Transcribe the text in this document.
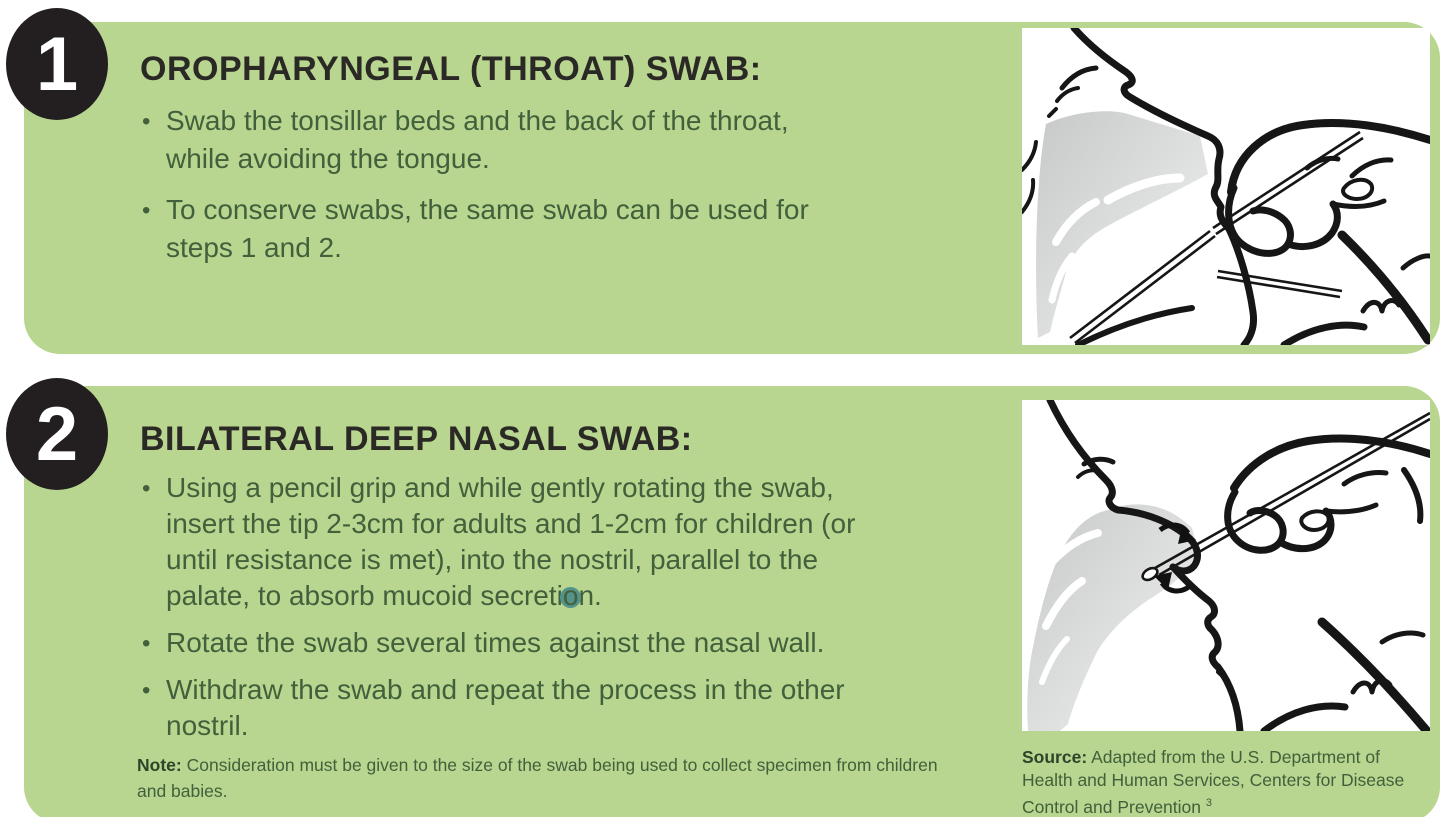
1 OROPHARYNGEAL (THROAT) SWAB:
• Swab the tonsillar beds and the back of the throat,
while avoiding the tongue.
• To conserve swabs, the same swab can be used for
steps 1 and 2.
2 BILATERAL DEEP NASAL SWAB:
• Using a pencil grip and while gently rotating the swab,
insert the tip 2-3cm for adults and 1-2cm for children (or
until resistance is met), into the nostril, parallel to the
palate, to absorb mucoid secretion.
• Rotate the swab several times against the nasal wall.
• Withdraw the swab and repeat the process in the other
nostril.

Note: Consideration must be given to the size of the swab being used to collect specimen from children and babies.

Source: Adapted from the U.S. Department of Health and Human Services, Centers for Disease Control and Prevention $^3$
